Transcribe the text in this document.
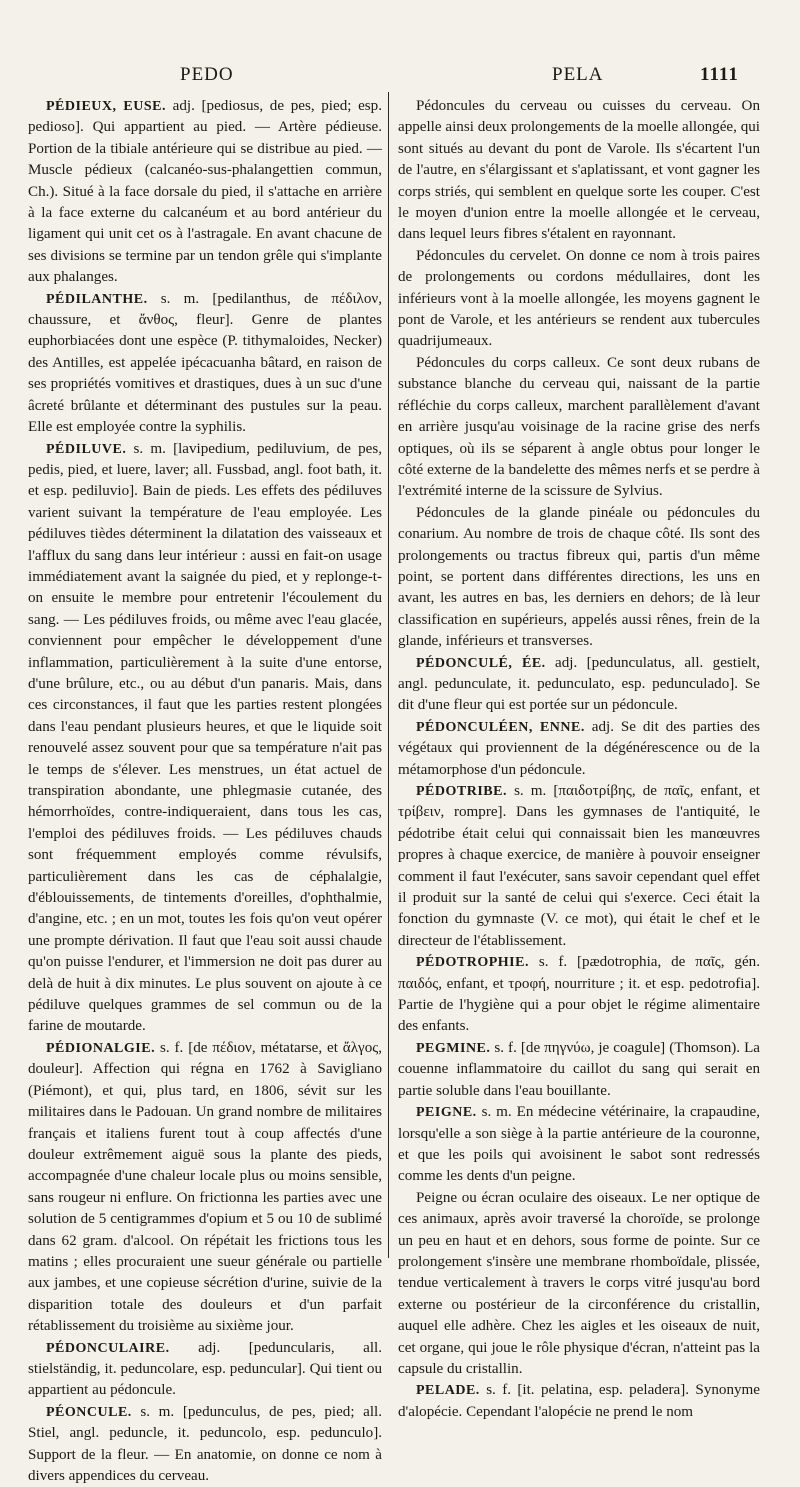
PEDO	PELA	1111

PÉDIEUX, EUSE. adj. [pediosus, de pes, pied; esp. pedioso]. Qui appartient au pied. — Artère pédieuse. Portion de la tibiale antérieure qui se distribue au pied. — Muscle pédieux (calcanéo-sus-phalangettien commun, Ch.). Situé à la face dorsale du pied, il s'attache en arrière à la face externe du calcanéum et au bord antérieur du ligament qui unit cet os à l'astragale. En avant chacune de ses divisions se termine par un tendon grêle qui s'implante aux phalanges.

PÉDILANTHE. s. m. [pedilanthus, de πέδιλον, chaussure, et ἄνθος, fleur]. Genre de plantes euphorbiacées dont une espèce (P. tithymaloides, Necker) des Antilles, est appelée ipécacuanha bâtard, en raison de ses propriétés vomitives et drastiques, dues à un suc d'une âcreté brûlante et déterminant des pustules sur la peau. Elle est employée contre la syphilis.

PÉDILUVE. s. m. [lavipedium, pediluvium, de pes, pedis, pied, et luere, laver; all. Fussbad, angl. foot bath, it. et esp. pediluvio]. Bain de pieds. Les effets des pédiluves varient suivant la température de l'eau employée. Les pédiluves tièdes déterminent la dilatation des vaisseaux et l'afflux du sang dans leur intérieur : aussi en fait-on usage immédiatement avant la saignée du pied, et y replonge-t-on ensuite le membre pour entretenir l'écoulement du sang. — Les pédiluves froids, ou même avec l'eau glacée, conviennent pour empêcher le développement d'une inflammation, particulièrement à la suite d'une entorse, d'une brûlure, etc., ou au début d'un panaris. Mais, dans ces circonstances, il faut que les parties restent plongées dans l'eau pendant plusieurs heures, et que le liquide soit renouvelé assez souvent pour que sa température n'ait pas le temps de s'élever. Les menstrues, un état actuel de transpiration abondante, une phlegmasie cutanée, des hémorrhoïdes, contre-indiqueraient, dans tous les cas, l'emploi des pédiluves froids. — Les pédiluves chauds sont fréquemment employés comme révulsifs, particulièrement dans les cas de céphalalgie, d'éblouissements, de tintements d'oreilles, d'ophthalmie, d'angine, etc. ; en un mot, toutes les fois qu'on veut opérer une prompte dérivation. Il faut que l'eau soit aussi chaude qu'on puisse l'endurer, et l'immersion ne doit pas durer au delà de huit à dix minutes. Le plus souvent on ajoute à ce pédiluve quelques grammes de sel commun ou de la farine de moutarde.

PÉDIONALGIE. s. f. [de πέδιον, métatarse, et ἄλγος, douleur]. Affection qui régna en 1762 à Savigliano (Piémont), et qui, plus tard, en 1806, sévit sur les militaires dans le Padouan. Un grand nombre de militaires français et italiens furent tout à coup affectés d'une douleur extrêmement aiguë sous la plante des pieds, accompagnée d'une chaleur locale plus ou moins sensible, sans rougeur ni enflure. On frictionna les parties avec une solution de 5 centigrammes d'opium et 5 ou 10 de sublimé dans 62 gram. d'alcool. On répétait les frictions tous les matins ; elles procuraient une sueur générale ou partielle aux jambes, et une copieuse sécrétion d'urine, suivie de la disparition totale des douleurs et d'un parfait rétablissement du troisième au sixième jour.

PÉDONCULAIRE. adj. [peduncularis, all. stielständig, it. peduncolare, esp. peduncular]. Qui tient ou appartient au pédoncule.

PÉONCULE. s. m. [pedunculus, de pes, pied; all. Stiel, angl. peduncle, it. peduncolo, esp. pedunculo]. Support de la fleur. — En anatomie, on donne ce nom à divers appendices du cerveau.

Pédoncules du cerveau ou cuisses du cerveau. On appelle ainsi deux prolongements de la moelle allongée, qui sont situés au devant du pont de Varole. Ils s'écartent l'un de l'autre, en s'élargissant et s'aplatissant, et vont gagner les corps striés, qui semblent en quelque sorte les couper. C'est le moyen d'union entre la moelle allongée et le cerveau, dans lequel leurs fibres s'étalent en rayonnant.

Pédoncules du cervelet. On donne ce nom à trois paires de prolongements ou cordons médullaires, dont les inférieurs vont à la moelle allongée, les moyens gagnent le pont de Varole, et les antérieurs se rendent aux tubercules quadrijumeaux.

Pédoncules du corps calleux. Ce sont deux rubans de substance blanche du cerveau qui, naissant de la partie réfléchie du corps calleux, marchent parallèlement d'avant en arrière jusqu'au voisinage de la racine grise des nerfs optiques, où ils se séparent à angle obtus pour longer le côté externe de la bandelette des mêmes nerfs et se perdre à l'extrémité interne de la scissure de Sylvius.

Pédoncules de la glande pinéale ou pédoncules du conarium. Au nombre de trois de chaque côté. Ils sont des prolongements ou tractus fibreux qui, partis d'un même point, se portent dans différentes directions, les uns en avant, les autres en bas, les derniers en dehors; de là leur classification en supérieurs, appelés aussi rênes, frein de la glande, inférieurs et transverses.

PÉDONCULÉ, ÉE. adj. [pedunculatus, all. gestielt, angl. pedunculate, it. pedunculato, esp. pedunculado]. Se dit d'une fleur qui est portée sur un pédoncule.

PÉDONCULÉEN, ENNE. adj. Se dit des parties des végétaux qui proviennent de la dégénérescence ou de la métamorphose d'un pédoncule.

PÉDOTRIBE. s. m. [παιδοτρίβης, de παῖς, enfant, et τρίβειν, rompre]. Dans les gymnases de l'antiquité, le pédotribe était celui qui connaissait bien les manœuvres propres à chaque exercice, de manière à pouvoir enseigner comment il faut l'exécuter, sans savoir cependant quel effet il produit sur la santé de celui qui s'exerce. Ceci était la fonction du gymnaste (V. ce mot), qui était le chef et le directeur de l'établissement.

PÉDOTROPHIE. s. f. [pædotrophia, de παῖς, gén. παιδός, enfant, et τροφή, nourriture ; it. et esp. pedotrofia]. Partie de l'hygiène qui a pour objet le régime alimentaire des enfants.

PEGMINE. s. f. [de πηγνύω, je coagule] (Thomson). La couenne inflammatoire du caillot du sang qui serait en partie soluble dans l'eau bouillante.

PEIGNE. s. m. En médecine vétérinaire, la crapaudine, lorsqu'elle a son siège à la partie antérieure de la couronne, et que les poils qui avoisinent le sabot sont redressés comme les dents d'un peigne.

Peigne ou écran oculaire des oiseaux. Le ner optique de ces animaux, après avoir traversé la choroïde, se prolonge un peu en haut et en dehors, sous forme de pointe. Sur ce prolongement s'insère une membrane rhomboïdale, plissée, tendue verticalement à travers le corps vitré jusqu'au bord externe ou postérieur de la circonférence du cristallin, auquel elle adhère. Chez les aigles et les oiseaux de nuit, cet organe, qui joue le rôle physique d'écran, n'atteint pas la capsule du cristallin.

PELADE. s. f. [it. pelatina, esp. peladera]. Synonyme d'alopécie. Cependant l'alopécie ne prend le nom
